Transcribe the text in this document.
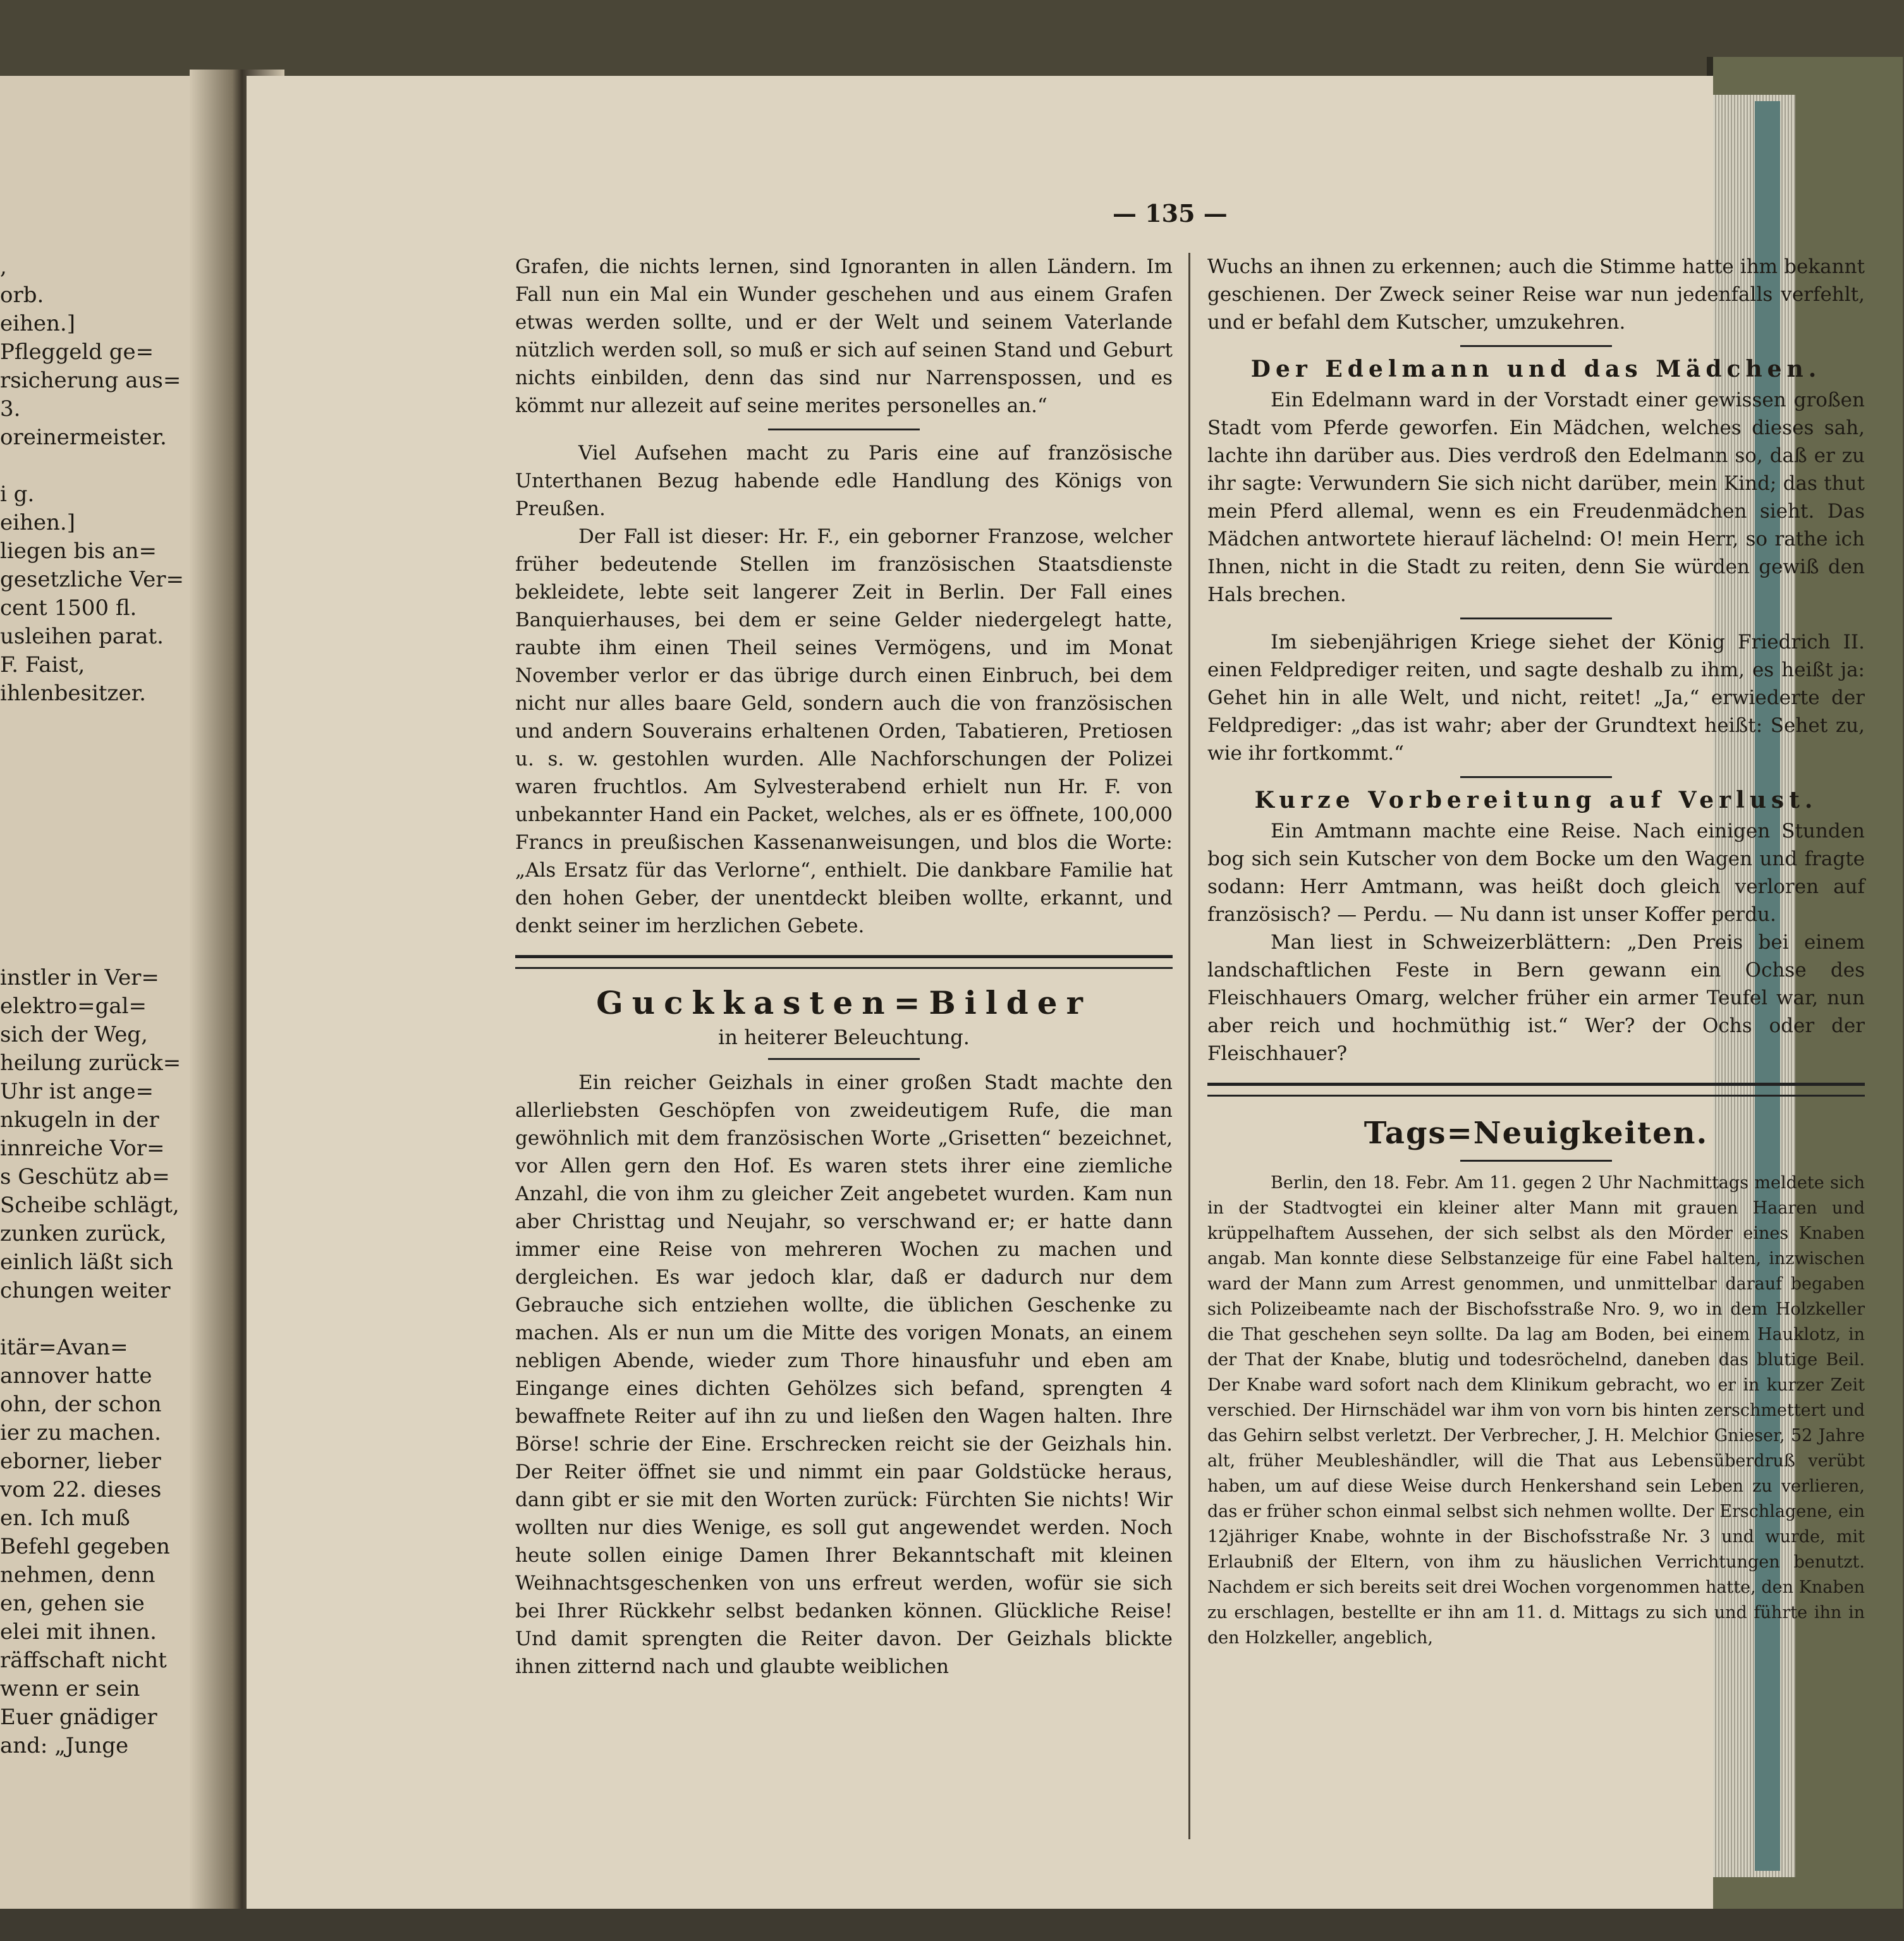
,
orb.
eihen.]
Pfleggeld ge=
rsicherung aus=
3.
oreinermeister.
i g.
eihen.]
liegen bis an=
gesetzliche Ver=
cent 1500 fl.
usleihen parat.
F. Faist,
ihlenbesitzer.
instler in Ver=
elektro=gal=
sich der Weg,
heilung zurück=
Uhr ist ange=
nkugeln in der
innreiche Vor=
s Geschütz ab=
Scheibe schlägt,
zunken zurück,
einlich läßt sich
chungen weiter
itär=Avan=
annover hatte
ohn, der schon
ier zu machen.
eborner, lieber
vom 22. dieses
en. Ich muß
Befehl gegeben
nehmen, denn
en, gehen sie
elei mit ihnen.
räffschaft nicht
wenn er sein
Euer gnädiger
and: „Junge
— 135 —

Grafen, die nichts lernen, sind Ignoranten in allen Ländern. Im Fall nun ein Mal ein Wunder geschehen und aus einem Grafen etwas werden sollte, und er der Welt und seinem Vaterlande nützlich werden soll, so muß er sich auf seinen Stand und Geburt nichts einbilden, denn das sind nur Narrenspossen, und es kömmt nur allezeit auf seine merites personelles an.“

Viel Aufsehen macht zu Paris eine auf französische Unterthanen Bezug habende edle Handlung des Königs von Preußen.

Der Fall ist dieser: Hr. F., ein geborner Franzose, welcher früher bedeutende Stellen im französischen Staatsdienste bekleidete, lebte seit langerer Zeit in Berlin. Der Fall eines Banquierhauses, bei dem er seine Gelder niedergelegt hatte, raubte ihm einen Theil seines Vermögens, und im Monat November verlor er das übrige durch einen Einbruch, bei dem nicht nur alles baare Geld, sondern auch die von französischen und andern Souverains erhaltenen Orden, Tabatieren, Pretiosen u. s. w. gestohlen wurden. Alle Nachforschungen der Polizei waren fruchtlos. Am Sylvesterabend erhielt nun Hr. F. von unbekannter Hand ein Packet, welches, als er es öffnete, 100,000 Francs in preußischen Kassenanweisungen, und blos die Worte: „Als Ersatz für das Verlorne“, enthielt. Die dankbare Familie hat den hohen Geber, der unentdeckt bleiben wollte, erkannt, und denkt seiner im herzlichen Gebete.

Guckkasten=Bilder
in heiterer Beleuchtung.

Ein reicher Geizhals in einer großen Stadt machte den allerliebsten Geschöpfen von zweideutigem Rufe, die man gewöhnlich mit dem französischen Worte „Grisetten“ bezeichnet, vor Allen gern den Hof. Es waren stets ihrer eine ziemliche Anzahl, die von ihm zu gleicher Zeit angebetet wurden. Kam nun aber Christtag und Neujahr, so verschwand er; er hatte dann immer eine Reise von mehreren Wochen zu machen und dergleichen. Es war jedoch klar, daß er dadurch nur dem Gebrauche sich entziehen wollte, die üblichen Geschenke zu machen. Als er nun um die Mitte des vorigen Monats, an einem nebligen Abende, wieder zum Thore hinausfuhr und eben am Eingange eines dichten Gehölzes sich befand, sprengten 4 bewaffnete Reiter auf ihn zu und ließen den Wagen halten. Ihre Börse! schrie der Eine. Erschrecken reicht sie der Geizhals hin. Der Reiter öffnet sie und nimmt ein paar Goldstücke heraus, dann gibt er sie mit den Worten zurück: Fürchten Sie nichts! Wir wollten nur dies Wenige, es soll gut angewendet werden. Noch heute sollen einige Damen Ihrer Bekanntschaft mit kleinen Weihnachtsgeschenken von uns erfreut werden, wofür sie sich bei Ihrer Rückkehr selbst bedanken können. Glückliche Reise! Und damit sprengten die Reiter davon. Der Geizhals blickte ihnen zitternd nach und glaubte weiblichen

Wuchs an ihnen zu erkennen; auch die Stimme hatte ihm bekannt geschienen. Der Zweck seiner Reise war nun jedenfalls verfehlt, und er befahl dem Kutscher, umzukehren.

Der Edelmann und das Mädchen.

Ein Edelmann ward in der Vorstadt einer gewissen großen Stadt vom Pferde geworfen. Ein Mädchen, welches dieses sah, lachte ihn darüber aus. Dies verdroß den Edelmann so, daß er zu ihr sagte: Verwundern Sie sich nicht darüber, mein Kind; das thut mein Pferd allemal, wenn es ein Freudenmädchen sieht. Das Mädchen antwortete hierauf lächelnd: O! mein Herr, so rathe ich Ihnen, nicht in die Stadt zu reiten, denn Sie würden gewiß den Hals brechen.

Im siebenjährigen Kriege siehet der König Friedrich II. einen Feldprediger reiten, und sagte deshalb zu ihm, es heißt ja: Gehet hin in alle Welt, und nicht, reitet! „Ja,“ erwiederte der Feldprediger: „das ist wahr; aber der Grundtext heißt: Sehet zu, wie ihr fortkommt.“

Kurze Vorbereitung auf Verlust.

Ein Amtmann machte eine Reise. Nach einigen Stunden bog sich sein Kutscher von dem Bocke um den Wagen und fragte sodann: Herr Amtmann, was heißt doch gleich verloren auf französisch? — Perdu. — Nu dann ist unser Koffer perdu.

Man liest in Schweizerblättern: „Den Preis bei einem landschaftlichen Feste in Bern gewann ein Ochse des Fleischhauers Omarg, welcher früher ein armer Teufel war, nun aber reich und hochmüthig ist.“ Wer? der Ochs oder der Fleischhauer?

Tags=Neuigkeiten.

Berlin, den 18. Febr. Am 11. gegen 2 Uhr Nachmittags meldete sich in der Stadtvogtei ein kleiner alter Mann mit grauen Haaren und krüppelhaftem Aussehen, der sich selbst als den Mörder eines Knaben angab. Man konnte diese Selbstanzeige für eine Fabel halten, inzwischen ward der Mann zum Arrest genommen, und unmittelbar darauf begaben sich Polizeibeamte nach der Bischofsstraße Nro. 9, wo in dem Holzkeller die That geschehen seyn sollte. Da lag am Boden, bei einem Hauklotz, in der That der Knabe, blutig und todesröchelnd, daneben das blutige Beil. Der Knabe ward sofort nach dem Klinikum gebracht, wo er in kurzer Zeit verschied. Der Hirnschädel war ihm von vorn bis hinten zerschmettert und das Gehirn selbst verletzt. Der Verbrecher, J. H. Melchior Gnieser, 52 Jahre alt, früher Meubleshändler, will die That aus Lebensüberdruß verübt haben, um auf diese Weise durch Henkershand sein Leben zu verlieren, das er früher schon einmal selbst sich nehmen wollte. Der Erschlagene, ein 12jähriger Knabe, wohnte in der Bischofsstraße Nr. 3 und wurde, mit Erlaubniß der Eltern, von ihm zu häuslichen Verrichtungen benutzt. Nachdem er sich bereits seit drei Wochen vorgenommen hatte, den Knaben zu erschlagen, bestellte er ihn am 11. d. Mittags zu sich und führte ihn in den Holzkeller, angeblich,
